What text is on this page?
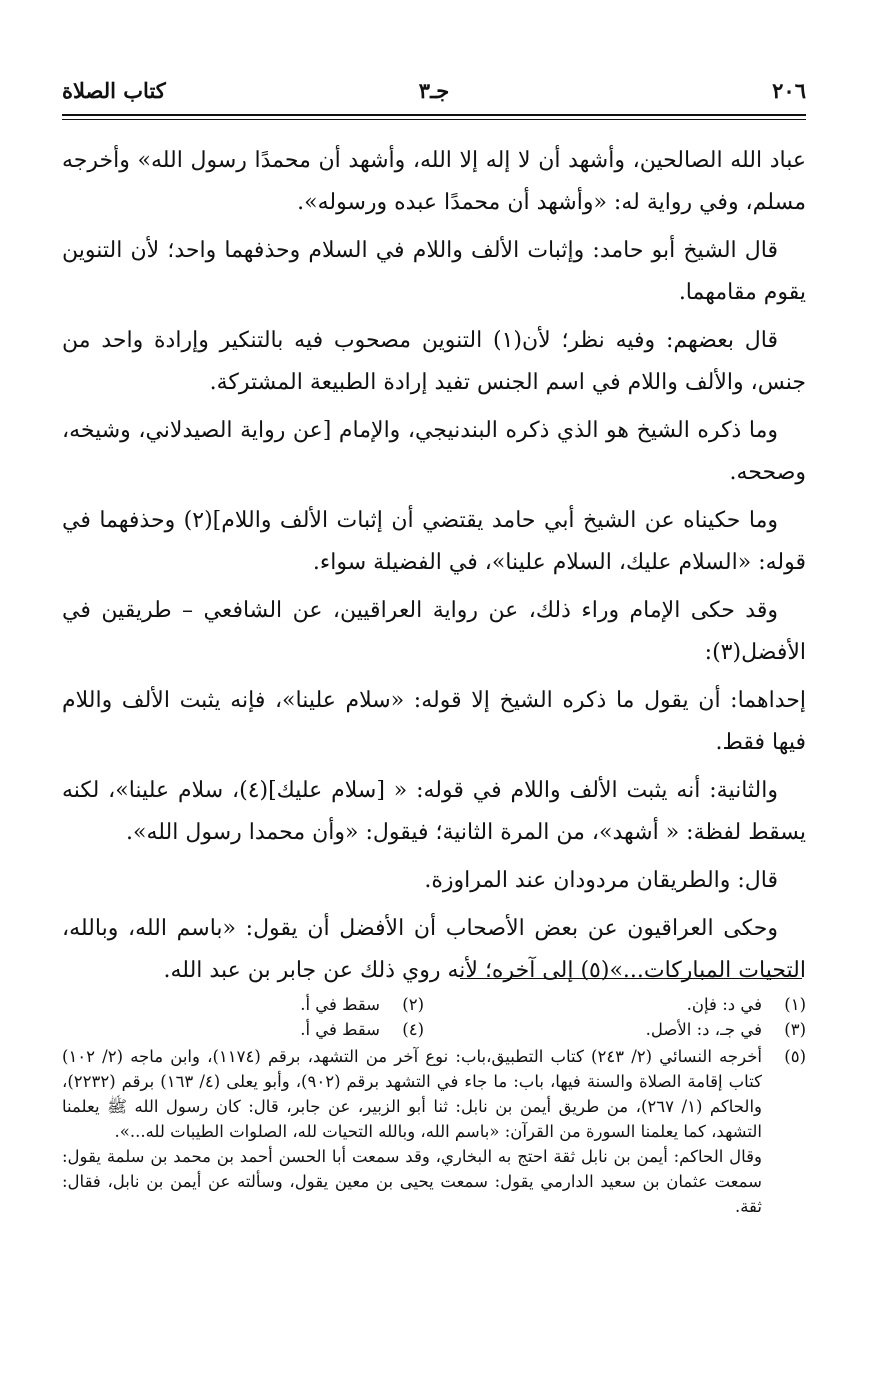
كتاب الصلاة	جـ٣	٢٠٦

عباد الله الصالحين، وأشهد أن لا إله إلا الله، وأشهد أن محمدًا رسول الله» وأخرجه مسلم، وفي رواية له: «وأشهد أن محمدًا عبده ورسوله».

قال الشيخ أبو حامد: وإثبات الألف واللام في السلام وحذفهما واحد؛ لأن التنوين يقوم مقامهما.

قال بعضهم: وفيه نظر؛ لأن(١) التنوين مصحوب فيه بالتنكير وإرادة واحد من جنس، والألف واللام في اسم الجنس تفيد إرادة الطبيعة المشتركة.

وما ذكره الشيخ هو الذي ذكره البندنيجي، والإمام [عن رواية الصيدلاني، وشيخه، وصححه.

وما حكيناه عن الشيخ أبي حامد يقتضي أن إثبات الألف واللام](٢) وحذفهما في قوله: «السلام عليك، السلام علينا»، في الفضيلة سواء.

وقد حكى الإمام وراء ذلك، عن رواية العراقيين، عن الشافعي – طريقين في الأفضل(٣):

إحداهما: أن يقول ما ذكره الشيخ إلا قوله: «سلام علينا»، فإنه يثبت الألف واللام فيها فقط.

والثانية: أنه يثبت الألف واللام في قوله: « [سلام عليك](٤)، سلام علينا»، لكنه يسقط لفظة: « أشهد»، من المرة الثانية؛ فيقول: «وأن محمدا رسول الله».

قال: والطريقان مردودان عند المراوزة.

وحكى العراقيون عن بعض الأصحاب أن الأفضل أن يقول: «باسم الله، وبالله، التحيات المباركات...»(٥) إلى آخره؛ لأنه روي ذلك عن جابر بن عبد الله.

(١)
في د: فإن.
(٢)
سقط في أ.
(٣)
في جـ، د: الأصل.
(٤)
سقط في أ.
(٥)

أخرجه النسائي (٢/ ٢٤٣) كتاب التطبيق،باب: نوع آخر من التشهد، برقم (١١٧٤)، وابن ماجه (٢/ ١٠٢) كتاب إقامة الصلاة والسنة فيها، باب: ما جاء في التشهد برقم (٩٠٢)، وأبو يعلى (٤/ ١٦٣) برقم (٢٢٣٢)، والحاكم (١/ ٢٦٧)، من طريق أيمن بن نابل: ثنا أبو الزبير، عن جابر، قال: كان رسول الله ﷺ يعلمنا التشهد، كما يعلمنا السورة من القرآن: «باسم الله، وبالله التحيات لله، الصلوات الطيبات لله...».

وقال الحاكم: أيمن بن نابل ثقة احتج به البخاري، وقد سمعت أبا الحسن أحمد بن محمد بن سلمة يقول: سمعت عثمان بن سعيد الدارمي يقول: سمعت يحيى بن معين يقول، وسألته عن أيمن بن نابل، فقال: ثقة.
